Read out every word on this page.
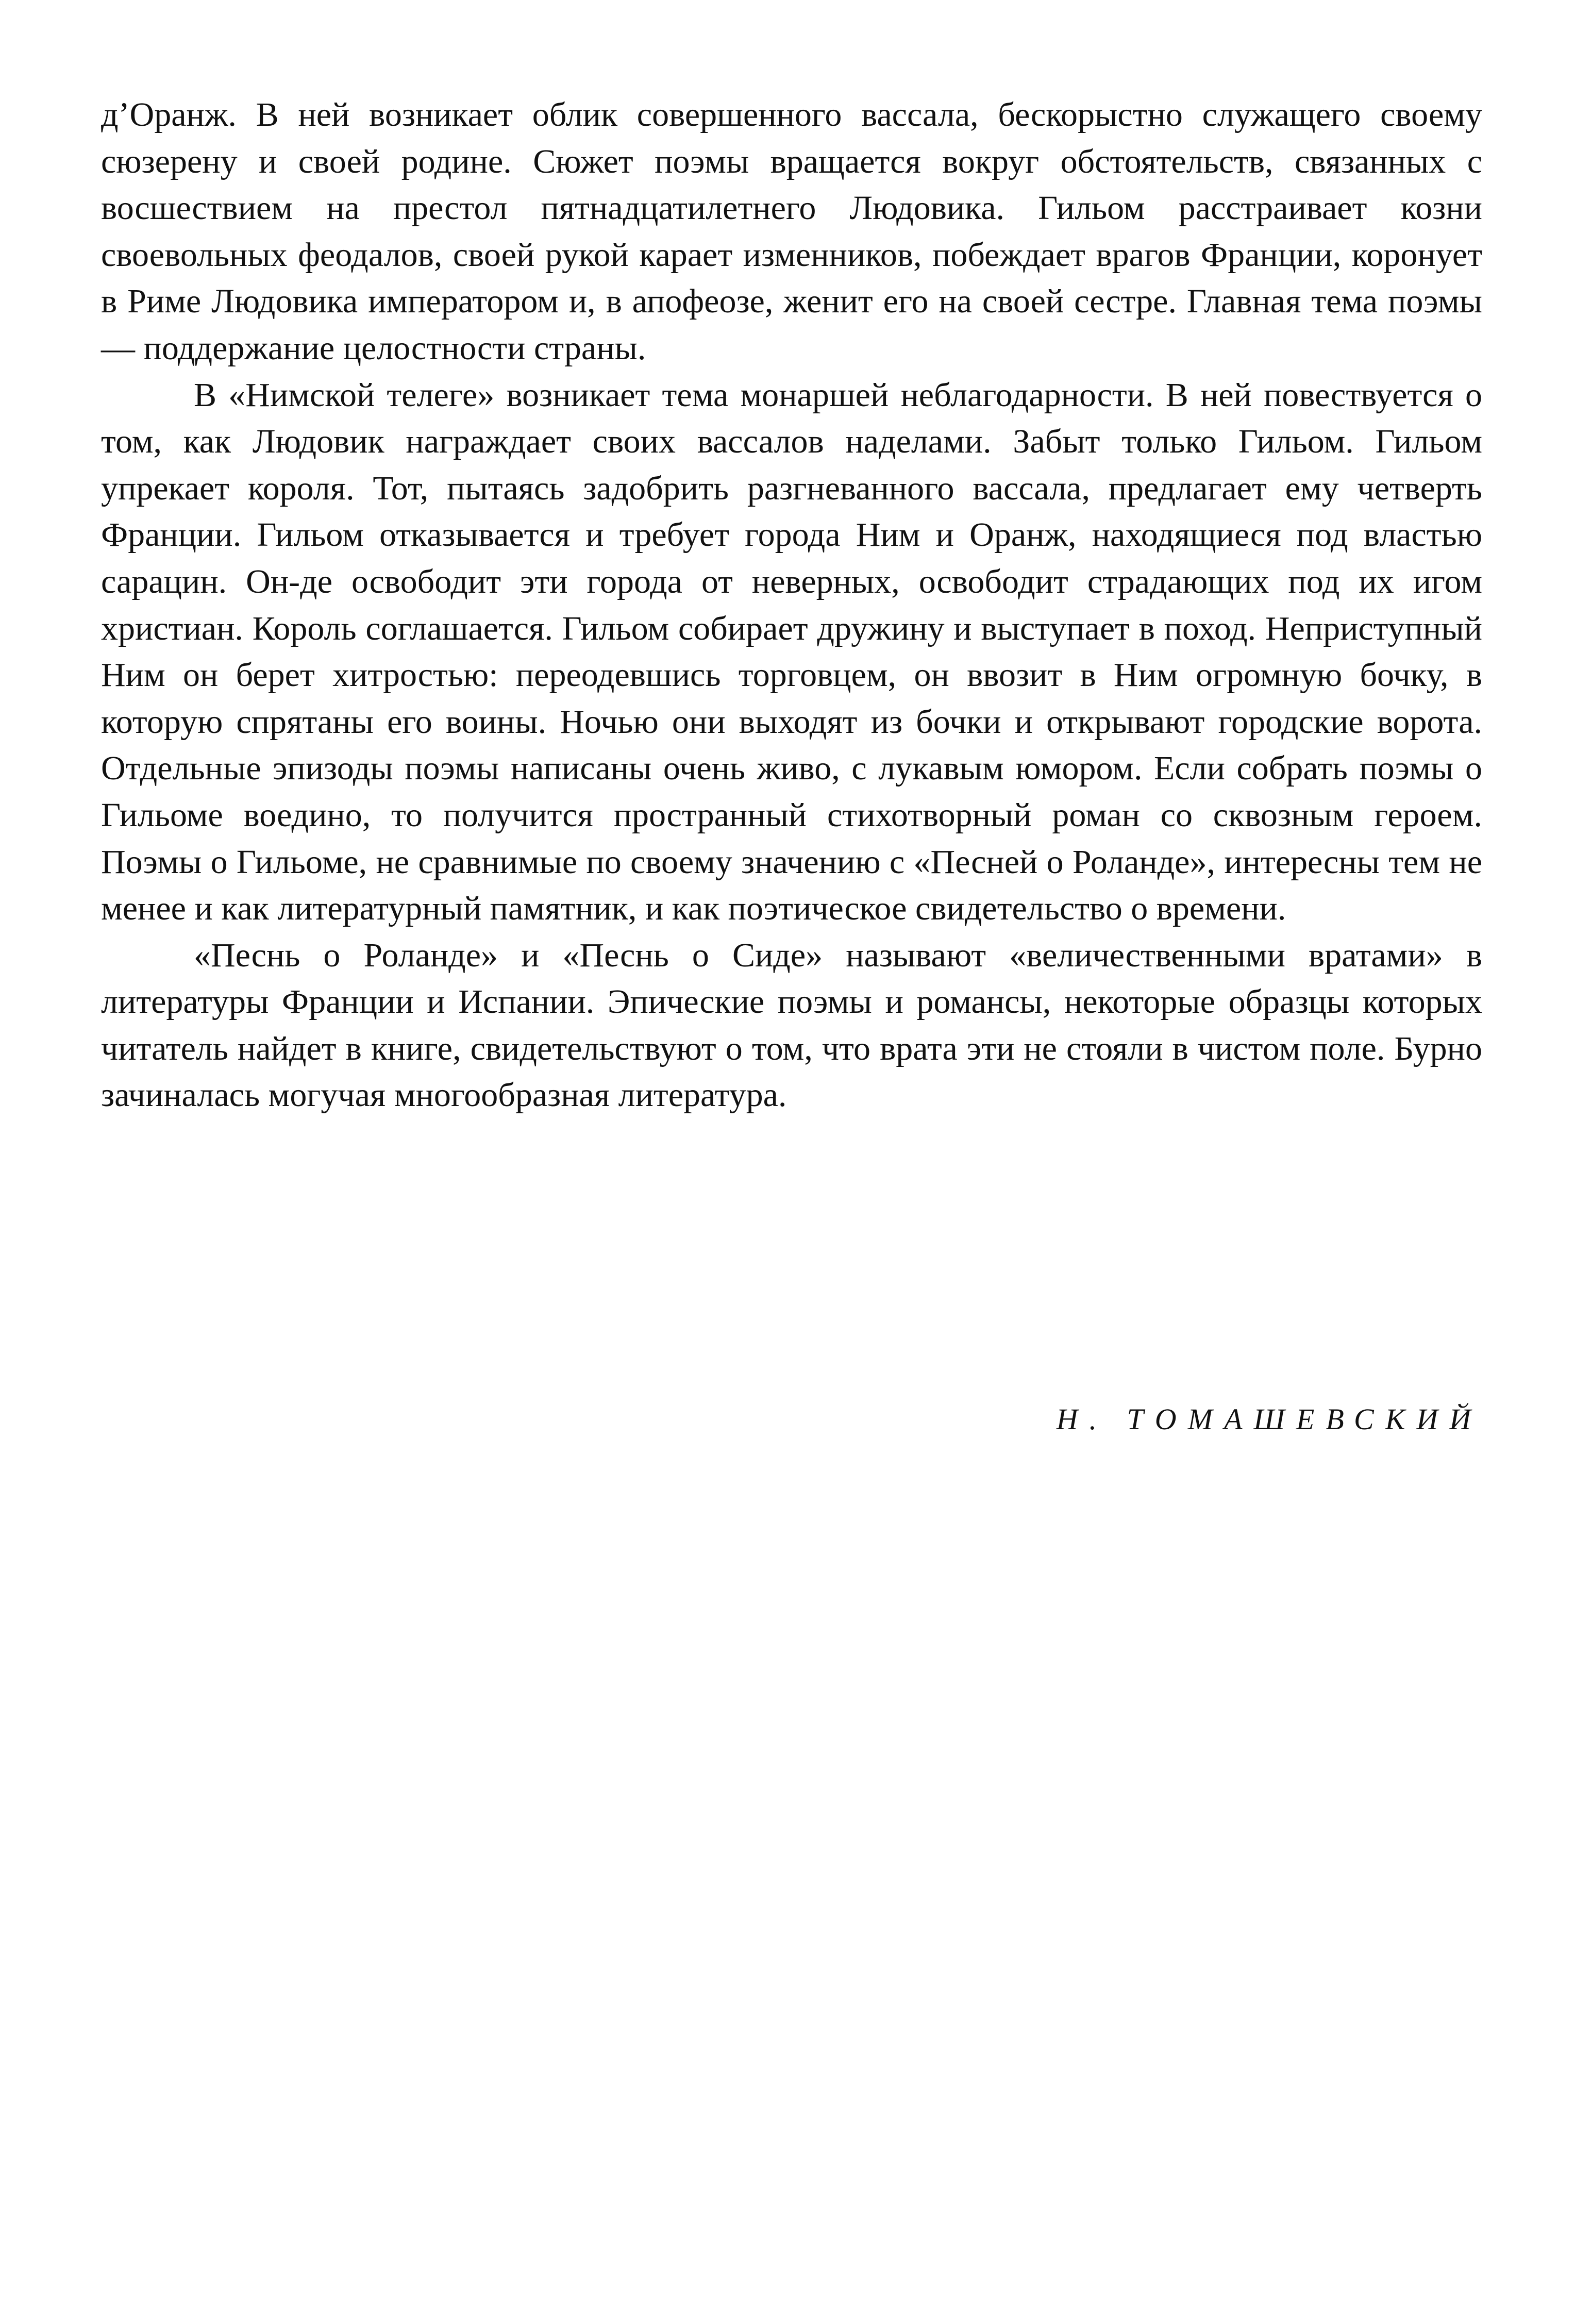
д’Оранж. В ней возникает облик совершенного вассала, бескорыстно служащего своему сюзерену и своей родине. Сюжет поэмы вращается вокруг обстоятельств, связанных с восшествием на престол пятнадцатилетнего Людовика. Гильом расстраивает козни своевольных феодалов, своей рукой карает изменников, побеждает врагов Франции, коронует в Риме Людовика императором и, в апофеозе, женит его на своей сестре. Главная тема поэмы — поддержание целостности страны.

В «Нимской телеге» возникает тема монаршей неблагодарности. В ней повествуется о том, как Людовик награждает своих вассалов наделами. Забыт только Гильом. Гильом упрекает короля. Тот, пытаясь задобрить разгневанного вассала, предлагает ему четверть Франции. Гильом отказывается и требует города Ним и Оранж, находящиеся под властью сарацин. Он-де освободит эти города от неверных, освободит страдающих под их игом христиан. Король соглашается. Гильом собирает дружину и выступает в поход. Неприступный Ним он берет хитростью: переодевшись торговцем, он ввозит в Ним огромную бочку, в которую спрятаны его воины. Ночью они выходят из бочки и открывают городские ворота. Отдельные эпизоды поэмы написаны очень живо, с лукавым юмором. Если собрать поэмы о Гильоме воедино, то получится пространный стихотворный роман со сквозным героем. Поэмы о Гильоме, не сравнимые по своему значению с «Песней о Роланде», интересны тем не менее и как литературный памятник, и как поэтическое свидетельство о времени.

«Песнь о Роланде» и «Песнь о Сиде» называют «величественными вратами» в литературы Франции и Испании. Эпические поэмы и романсы, некоторые образцы которых читатель найдет в книге, свидетельствуют о том, что врата эти не стояли в чистом поле. Бурно зачиналась могучая многообразная литература.

Н. ТОМАШЕВСКИЙ
